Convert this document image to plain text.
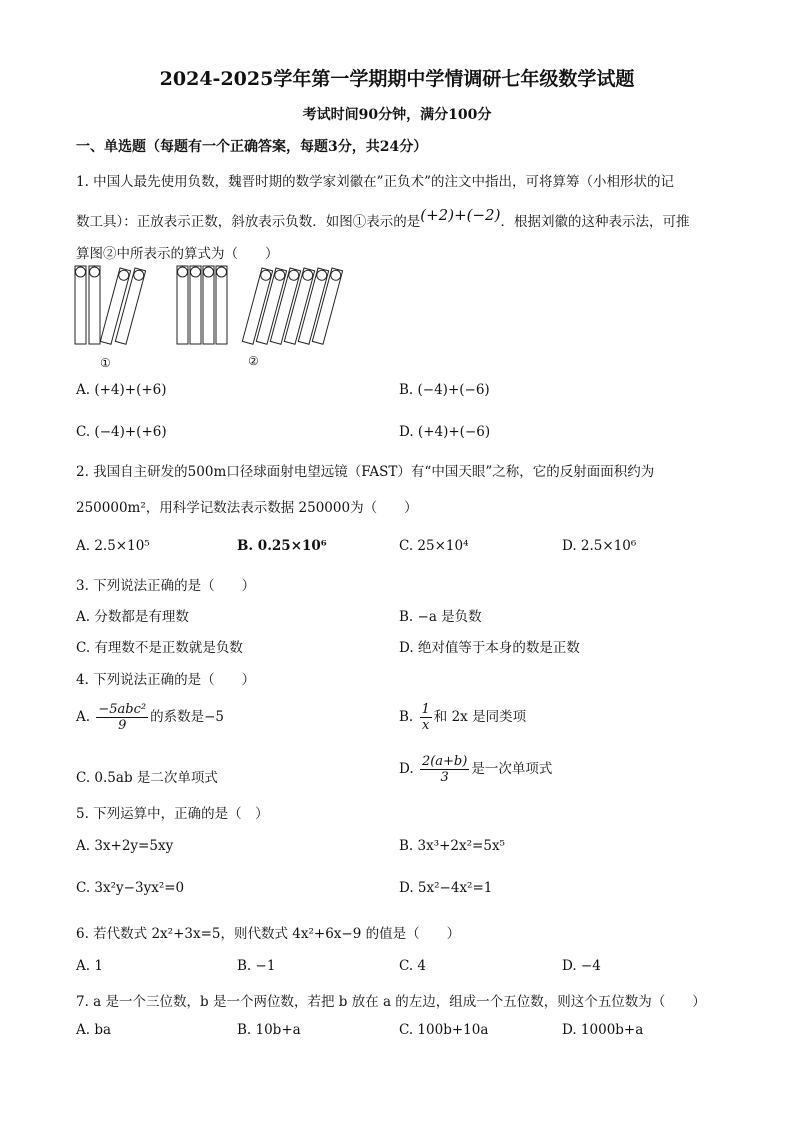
2024-2025学年第一学期期中学情调研七年级数学试题
考试时间90分钟，满分100分
一、单选题（每题有一个正确答案，每题3分，共24分）
1. 中国人最先使用负数，魏晋时期的数学家刘徽在”正负术”的注文中指出，可将算筹（小相形状的记
数工具）：正放表示正数，斜放表示负数．如图①表示的是(+2)+(−2)．根据刘徽的这种表示法，可推
算图②中所表示的算式为（　　）
①	②
A. (+4)+(+6)	B. (−4)+(−6)
C. (−4)+(+6)	D. (+4)+(−6)
2. 我国自主研发的500m口径球面射电望远镜（FAST）有“中国天眼”之称，它的反射面面积约为
250000m²，用科学记数法表示数据 250000为（　　）
A. 2.5×10⁵	B. 0.25×10⁶	C. 25×10⁴	D. 2.5×10⁶
3. 下列说法正确的是（　　）
A. 分数都是有理数	B. −a 是负数
C. 有理数不是正数就是负数	D. 绝对值等于本身的数是正数
4. 下列说法正确的是（　　）
A. $\frac{\text{−5abc²}}{9}$ 的系数是−5	B. $\frac{1}{x}$ 和 2x 是同类项
C. 0.5ab 是二次单项式
D. $\frac{2(a+b)}{3}$ 是一次单项式
5. 下列运算中，正确的是（　）
A. 3x+2y=5xy	B. 3x³+2x²=5x⁵
C. 3x²y−3yx²=0	D. 5x²−4x²=1
6. 若代数式 2x²+3x=5，则代数式 4x²+6x−9 的值是（　　）
A. 1	B. −1	C. 4	D. −4
7. a 是一个三位数，b 是一个两位数，若把 b 放在 a 的左边，组成一个五位数，则这个五位数为（　　）
A. ba	B. 10b+a	C. 100b+10a	D. 1000b+a
